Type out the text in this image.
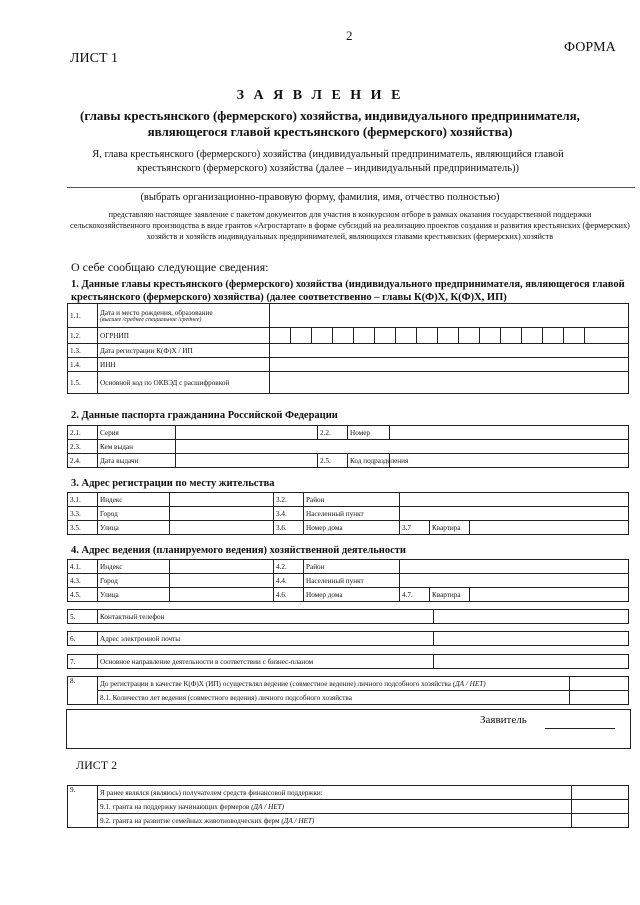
2
ЛИСТ 1
ФОРМА
З А Я В Л Е Н И Е
(главы крестьянского (фермерского) хозяйства, индивидуального предпринимателя, являющегося главой крестьянского (фермерского) хозяйства)
Я, глава крестьянского (фермерского) хозяйства (индивидуальный предприниматель, являющийся главой крестьянского (фермерского) хозяйства (далее – индивидуальный предприниматель))
(выбрать организационно-правовую форму, фамилия, имя, отчество полностью)
представляю настоящее заявление с пакетом документов для участия в конкурсном отборе в рамках оказания государственной поддержки сельскохозяйственного производства в виде грантов «Агростартап» в форме субсидий на реализацию проектов создания и развития крестьянских (фермерских) хозяйств и хозяйств индивидуальных предпринимателей, являющихся главами крестьянских (фермерских) хозяйств
О себе сообщаю следующие сведения:
1. Данные главы крестьянского (фермерского) хозяйства (индивидуального предпринимателя, являющегося главой крестьянского (фермерского) хозяйства) (далее соответственно – главы К(Ф)Х, К(Ф)Х, ИП)
1.1.	Дата и место рождения, образование
(высшее /среднее специальное /среднее)

1.2.	ОГРНИП	

1.3.	Дата регистрации К(Ф)Х / ИП	
1.4.	ИНН	
1.5.	Основной код по ОКВЭД с расшифровкой	
2. Данные паспорта гражданина Российской Федерации
2.1.	Серия		2.2.	Номер	
2.3.	Кем выдан				
2.4.	Дата выдачи		2.5.	Код подразделения	
3. Адрес регистрации по месту жительства
3.1.	Индекс		3.2.	Район			
3.3.	Город		3.4.	Населенный пункт			
3.5.	Улица		3.6.	Номер дома	3.7	Квартира	
4. Адрес ведения (планируемого ведения) хозяйственной деятельности
4.1.	Индекс		4.2.	Район			
4.3.	Город		4.4.	Населенный пункт			
4.5.	Улица		4.6.	Номер дома	4.7.	Квартира	
5.	Контактный телефон	
6.	Адрес электронной почты	
7.	Основное направление деятельности в соответствии с бизнес-планом	
8.	До регистрации в качестве К(Ф)Х (ИП) осуществлял ведение (совместное ведение) личного подсобного хозяйства (ДА / НЕТ)	
	8.1. Количество лет ведения (совместного ведения) личного подсобного хозяйства	
Заявитель
ЛИСТ 2
9.	Я ранее являлся (являюсь) получателем средств финансовой поддержки:	
	9.1. гранта на поддержку начинающих фермеров (ДА / НЕТ)	
	9.2. гранта на развитие семейных животноводческих ферм (ДА / НЕТ)	
